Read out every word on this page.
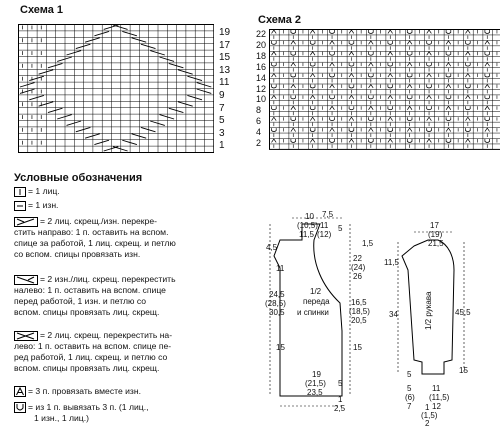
Схема 1
19
17
15
13
11
9
7
5
3
1
Схема 2
22
20
18
16
14
12
10
8
6
4
2
Условные обозначения
= 1 лиц.
= 1 изн.
= 2 лиц. скрещ./изн. перекре-
стить направо: 1 п. оставить на вспом.
спице за работой, 1 лиц. скрещ. и петлю
со вспом. спицы провязать изн.
= 2 изн./лиц. скрещ. перекрестить
налево: 1 п. оставить на вспом. спице
перед работой, 1 изн. и петлю со
вспом. спицы провязать лиц. скрещ.
= 2 лиц. скрещ. перекрестить на-
лево: 1 п. оставить на вспом. спице пе-
ред работой, 1 лиц. скрещ. и петлю со
вспом. спицы провязать лиц. скрещ.
= 3 п. провязать вместе изн.
= из 1 п. вывязать 3 п. (1 лиц.,
1 изн., 1 лиц.)
10 7,5
(10,5)
11,5
11
(12)
5
4,5
11
24,5
(28,5)
30,5
15
1,5
22
(24)
26
16,5
(18,5)
20,5
15
1/2
переда
и спинки
19
(21,5)
23,5
5
1
2,5
17
(19)
21,5
11,5
34
5
45,5
15
1/2 рукава
5
(6)
7
11
(11,5)
12
1
(1,5)
2
